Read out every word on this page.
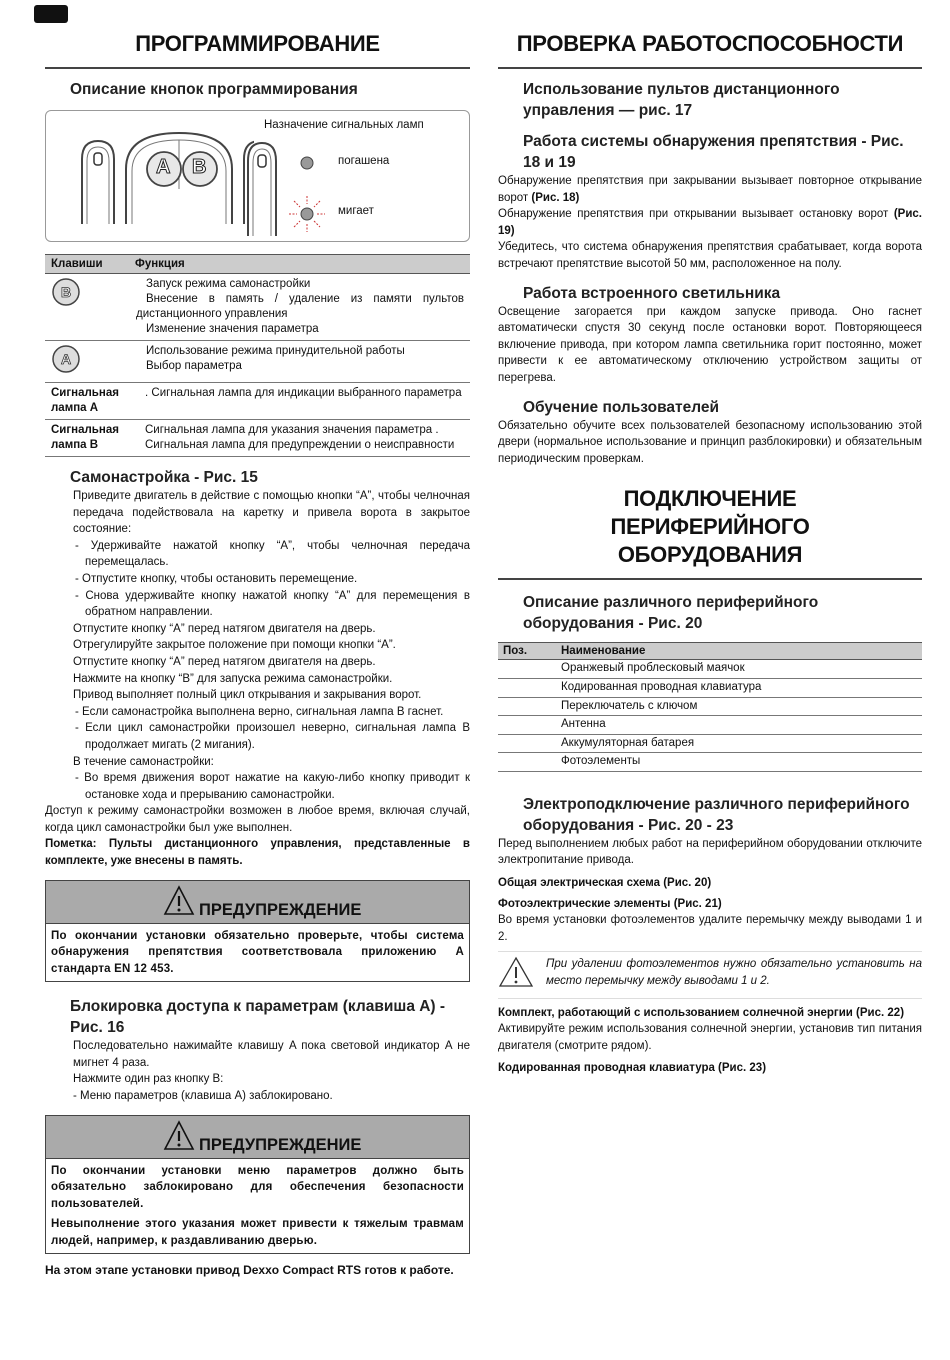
ПРОГРАММИРОВАНИЕ
Описание кнопок программирования
A B
Назначение сигнальных ламп
погашена
мигает
Клавиши	Функция

B	Запуск режима самонастройки
Внесение в память / удаление из памяти пультов дистанционного управления
Изменение значения параметра

A	Использование режима принудительной работы
Выбор параметра

Сигнальная лампа А	. Сигнальная лампа для индикации выбранного параметра

Сигнальная лампа В	Сигнальная лампа для указания значения параметра .
Сигнальная лампа для предупреждении о неисправности
Самонастройка - Рис. 15
Приведите двигатель в действие с помощью кнопки “A”, чтобы челночная передача подействовала на каретку и привела ворота в закрытое состояние:
- Удерживайте нажатой кнопку “A”, чтобы челночная передача перемещалась.
- Отпустите кнопку, чтобы остановить перемещение.
- Снова удерживайте кнопку нажатой кнопку “A” для перемещения в обратном направлении.
Отпустите кнопку “A” перед натягом двигателя на дверь.
Отрегулируйте закрытое положение при помощи кнопки “A”.
Отпустите кнопку “A” перед натягом двигателя на дверь.
Нажмите на кнопку “B” для запуска режима самонастройки.
Привод выполняет полный цикл открывания и закрывания ворот.
- Если самонастройка выполнена верно, сигнальная лампа B гаснет.
- Если цикл самонастройки произошел неверно, сигнальная лампа B продолжает мигать (2 мигания).
В течение самонастройки:
- Во время движения ворот нажатие на какую-либо кнопку приводит к остановке хода и прерыванию самонастройки.
Доступ к режиму самонастройки возможен в любое время, включая случай, когда цикл самонастройки был уже выполнен.
Пометка: Пульты дистанционного управления, представленные в комплекте, уже внесены в память.
ПРЕДУПРЕЖДЕНИЕ
По окончании установки обязательно проверьте, чтобы система обнаружения препятствия соответствовала приложению A стандарта EN 12 453.
Блокировка доступа к параметрам (клавиша A) - Рис. 16
Последовательно нажимайте клавишу A пока световой индикатор A не мигнет 4 раза.
Нажмите один раз кнопку B:
- Меню параметров (клавиша A) заблокировано.
ПРЕДУПРЕЖДЕНИЕ
По окончании установки меню параметров должно быть обязательно заблокировано для обеспечения безопасности пользователей.
Невыполнение этого указания может привести к тяжелым травмам людей, например, к раздавливанию дверью.
На этом этапе установки привод Dexxo Compact RTS готов к работе.
ПРОВЕРКА РАБОТОСПОСОБНОСТИ
Использование пультов дистанционного управления — рис. 17
Работа системы обнаружения препятствия - Рис. 18 и 19
Обнаружение препятствия при закрывании вызывает повторное открывание ворот (Рис. 18)
Обнаружение препятствия при открывании вызывает остановку ворот (Рис. 19)
Убедитесь, что система обнаружения препятствия срабатывает, когда ворота встречают препятствие высотой 50 мм, расположенное на полу.
Работа встроенного светильника
Освещение загорается при каждом запуске привода. Оно гаснет автоматически спустя 30 секунд после остановки ворот. Повторяющееся включение привода, при котором лампа светильника горит постоянно, может привести к ее автоматическому отключению устройством защиты от перегрева.
Обучение пользователей
Обязательно обучите всех пользователей безопасному использованию этой двери (нормальное использование и принцип разблокировки) и обязательным периодическим проверкам.
ПОДКЛЮЧЕНИЕ ПЕРИФЕРИЙНОГО ОБОРУДОВАНИЯ
Описание различного периферийного оборудования - Рис. 20
Поз.	Наименование
	Оранжевый проблесковый маячок
	Кодированная проводная клавиатура
	Переключатель с ключом
	Антенна
	Аккумуляторная батарея
	Фотоэлементы
Электроподключение различного периферийного оборудования - Рис. 20 - 23
Перед выполнением любых работ на периферийном оборудовании отключите электропитание привода.
Общая электрическая схема (Рис. 20)
Фотоэлектрические элементы (Рис. 21)
Во время установки фотоэлементов удалите перемычку между выводами 1 и 2.
При удалении фотоэлементов нужно обязательно установить на место перемычку между выводами 1 и 2.
Комплект, работающий с использованием солнечной энергии (Рис. 22)
Активируйте режим использования солнечной энергии, установив тип питания двигателя (смотрите рядом).
Кодированная проводная клавиатура (Рис. 23)
